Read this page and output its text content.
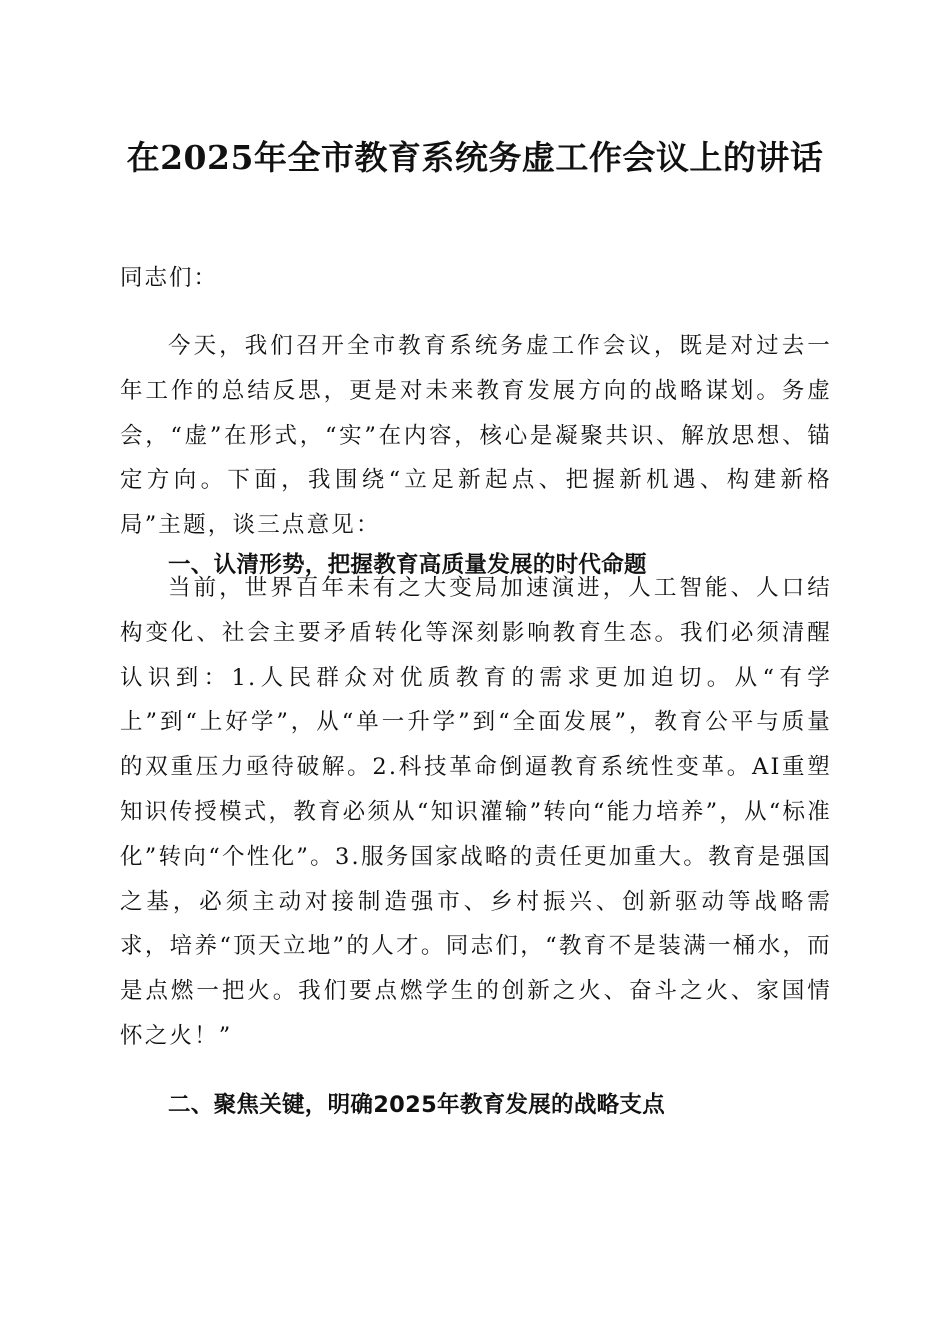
在2025年全市教育系统务虚工作会议上的讲话
同志们：
今天，我们召开全市教育系统务虚工作会议，既是对过去一年工作的总结反思，更是对未来教育发展方向的战略谋划。务虚会，“虚”在形式，“实”在内容，核心是凝聚共识、解放思想、锚定方向。下面，我围绕“立足新起点、把握新机遇、构建新格局”主题，谈三点意见：
一、认清形势，把握教育高质量发展的时代命题
当前，世界百年未有之大变局加速演进，人工智能、人口结构变化、社会主要矛盾转化等深刻影响教育生态。我们必须清醒认识到：1.人民群众对优质教育的需求更加迫切。从“有学上”到“上好学”，从“单一升学”到“全面发展”，教育公平与质量的双重压力亟待破解。2.科技革命倒逼教育系统性变革。AI重塑知识传授模式，教育必须从“知识灌输”转向“能力培养”，从“标准化”转向“个性化”。3.服务国家战略的责任更加重大。教育是强国之基，必须主动对接制造强市、乡村振兴、创新驱动等战略需求，培养“顶天立地”的人才。同志们，“教育不是装满一桶水，而是点燃一把火。我们要点燃学生的创新之火、奋斗之火、家国情怀之火！”
二、聚焦关键，明确2025年教育发展的战略支点
